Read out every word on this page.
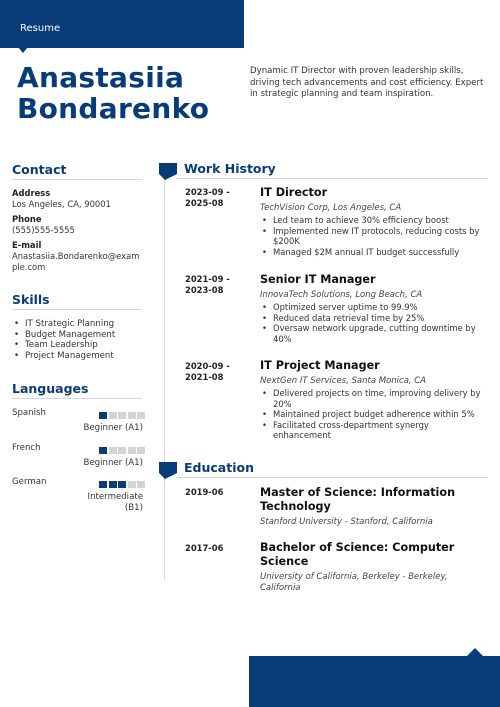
Resume
Anastasiia
Bondarenko
Dynamic IT Director with proven leadership skills, driving tech advancements and cost efficiency. Expert in strategic planning and team inspiration.
Contact
Address
Los Angeles, CA, 90001
Phone
(555)555-5555
E-mail
Anastasiia.Bondarenko@example.com
Skills
• IT Strategic Planning
• Budget Management
• Team Leadership
• Project Management
Languages
Spanish
Beginner (A1)
French
Beginner (A1)
German
Intermediate (B1)
Work History
2023-09 -
2025-08
IT Director
TechVision Corp, Los Angeles, CA
• Led team to achieve 30% efficiency boost
• Implemented new IT protocols, reducing costs by $200K
• Managed $2M annual IT budget successfully
2021-09 -
2023-08
Senior IT Manager
InnovaTech Solutions, Long Beach, CA
• Optimized server uptime to 99.9%
• Reduced data retrieval time by 25%
• Oversaw network upgrade, cutting downtime by 40%
2020-09 -
2021-08
IT Project Manager
NextGen IT Services, Santa Monica, CA
• Delivered projects on time, improving delivery by 20%
• Maintained project budget adherence within 5%
• Facilitated cross-department synergy enhancement
Education
2019-06	Master of Science: Information Technology
Stanford University - Stanford, California
2017-06	Bachelor of Science: Computer Science
University of California, Berkeley - Berkeley, California
